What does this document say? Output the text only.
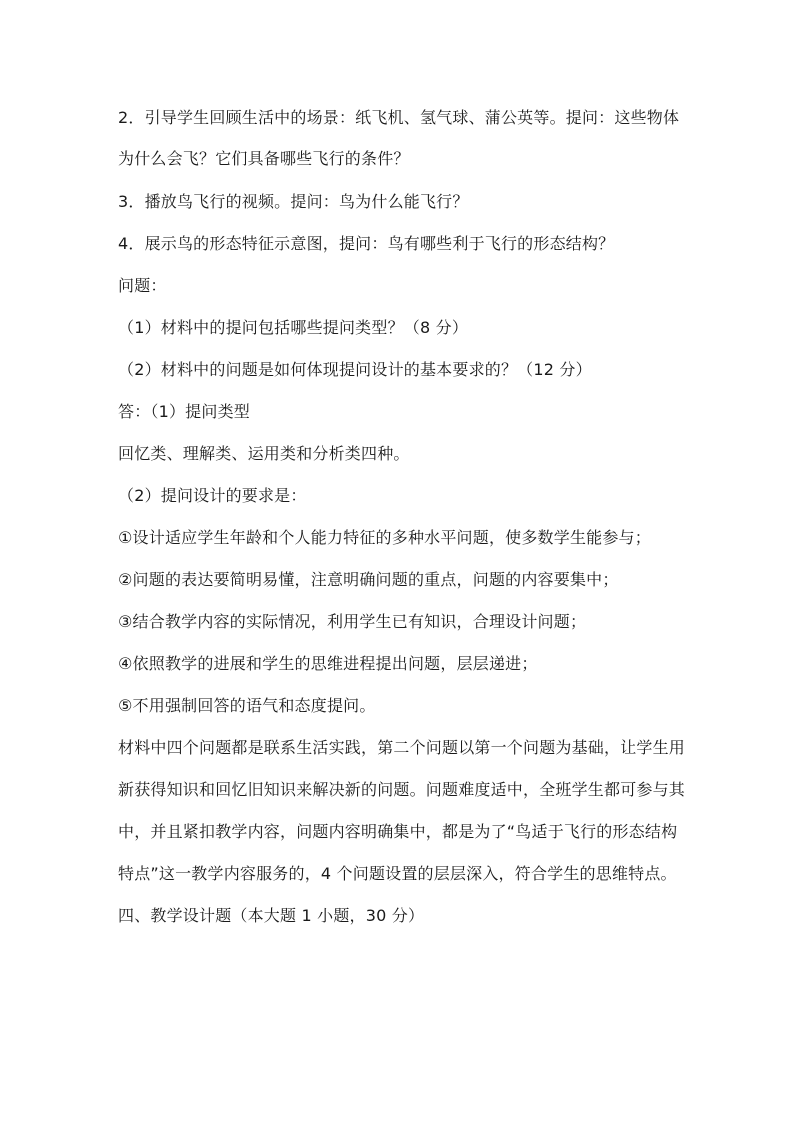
2．引导学生回顾生活中的场景：纸飞机、氢气球、蒲公英等。提问：这些物体
为什么会飞？它们具备哪些飞行的条件？
3．播放鸟飞行的视频。提问：鸟为什么能飞行？
4．展示鸟的形态特征示意图，提问：鸟有哪些利于飞行的形态结构？
问题：
（1）材料中的提问包括哪些提问类型？（8 分）
（2）材料中的问题是如何体现提问设计的基本要求的？（12 分）
答：（1）提问类型
回忆类、理解类、运用类和分析类四种。
（2）提问设计的要求是：
①设计适应学生年龄和个人能力特征的多种水平问题，使多数学生能参与；
②问题的表达要简明易懂，注意明确问题的重点，问题的内容要集中；
③结合教学内容的实际情况，利用学生已有知识，合理设计问题；
④依照教学的进展和学生的思维进程提出问题，层层递进；
⑤不用强制回答的语气和态度提问。
材料中四个问题都是联系生活实践，第二个问题以第一个问题为基础，让学生用
新获得知识和回忆旧知识来解决新的问题。问题难度适中，全班学生都可参与其
中，并且紧扣教学内容，问题内容明确集中，都是为了“鸟适于飞行的形态结构
特点”这一教学内容服务的，4 个问题设置的层层深入，符合学生的思维特点。
四、教学设计题（本大题 1 小题，30 分）
